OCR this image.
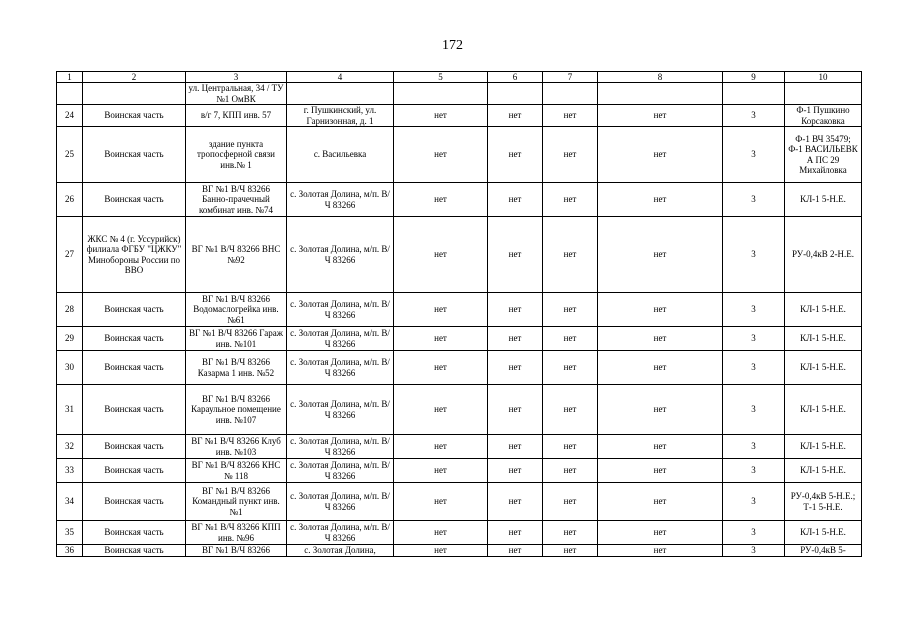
172
1	2	3	4	5	6	7	8	9	10
		ул. Центральная, 34 / ТУ №1 ОмВК							
24	Воинская часть	в/г 7, КПП инв. 57	г. Пушкинский, ул. Гарнизонная, д. 1	нет	нет	нет	нет	3	Ф-1 Пушкино Корсаковка
25	Воинская часть	здание пункта тропосферной связи инв.№ 1	с. Васильевка	нет	нет	нет	нет	3	Ф-1 ВЧ 35479; Ф-1 ВАСИЛЬЕВК А ПС 29 Михайловка
26	Воинская часть	ВГ №1 В/Ч 83266 Банно-прачечный комбинат инв. №74	с. Золотая Долина, м/п. В/Ч 83266	нет	нет	нет	нет	3	КЛ-1 5-Н.Е.
27	ЖКС № 4 (г. Уссурийск) филиала ФГБУ "ЦЖКУ" Минобороны России по ВВО	ВГ №1 В/Ч 83266 ВНС №92	с. Золотая Долина, м/п. В/Ч 83266	нет	нет	нет	нет	3	РУ-0,4кВ 2-Н.Е.
28	Воинская часть	ВГ №1 В/Ч 83266 Водомаслогрейка инв. №61	с. Золотая Долина, м/п. В/Ч 83266	нет	нет	нет	нет	3	КЛ-1 5-Н.Е.
29	Воинская часть	ВГ №1 В/Ч 83266 Гараж инв. №101	с. Золотая Долина, м/п. В/Ч 83266	нет	нет	нет	нет	3	КЛ-1 5-Н.Е.
30	Воинская часть	ВГ №1 В/Ч 83266 Казарма 1 инв. №52	с. Золотая Долина, м/п. В/Ч 83266	нет	нет	нет	нет	3	КЛ-1 5-Н.Е.
31	Воинская часть	ВГ №1 В/Ч 83266 Караульное помещение инв. №107	с. Золотая Долина, м/п. В/Ч 83266	нет	нет	нет	нет	3	КЛ-1 5-Н.Е.
32	Воинская часть	ВГ №1 В/Ч 83266 Клуб инв. №103	с. Золотая Долина, м/п. В/Ч 83266	нет	нет	нет	нет	3	КЛ-1 5-Н.Е.
33	Воинская часть	ВГ №1 В/Ч 83266 КНС № 118	с. Золотая Долина, м/п. В/Ч 83266	нет	нет	нет	нет	3	КЛ-1 5-Н.Е.
34	Воинская часть	ВГ №1 В/Ч 83266 Командный пункт инв. №1	с. Золотая Долина, м/п. В/Ч 83266	нет	нет	нет	нет	3	РУ-0,4кВ 5-Н.Е.; Т-1 5-Н.Е.
35	Воинская часть	ВГ №1 В/Ч 83266 КПП инв. №96	с. Золотая Долина, м/п. В/Ч 83266	нет	нет	нет	нет	3	КЛ-1 5-Н.Е.
36	Воинская часть	ВГ №1 В/Ч 83266	с. Золотая Долина,	нет	нет	нет	нет	3	РУ-0,4кВ 5-
